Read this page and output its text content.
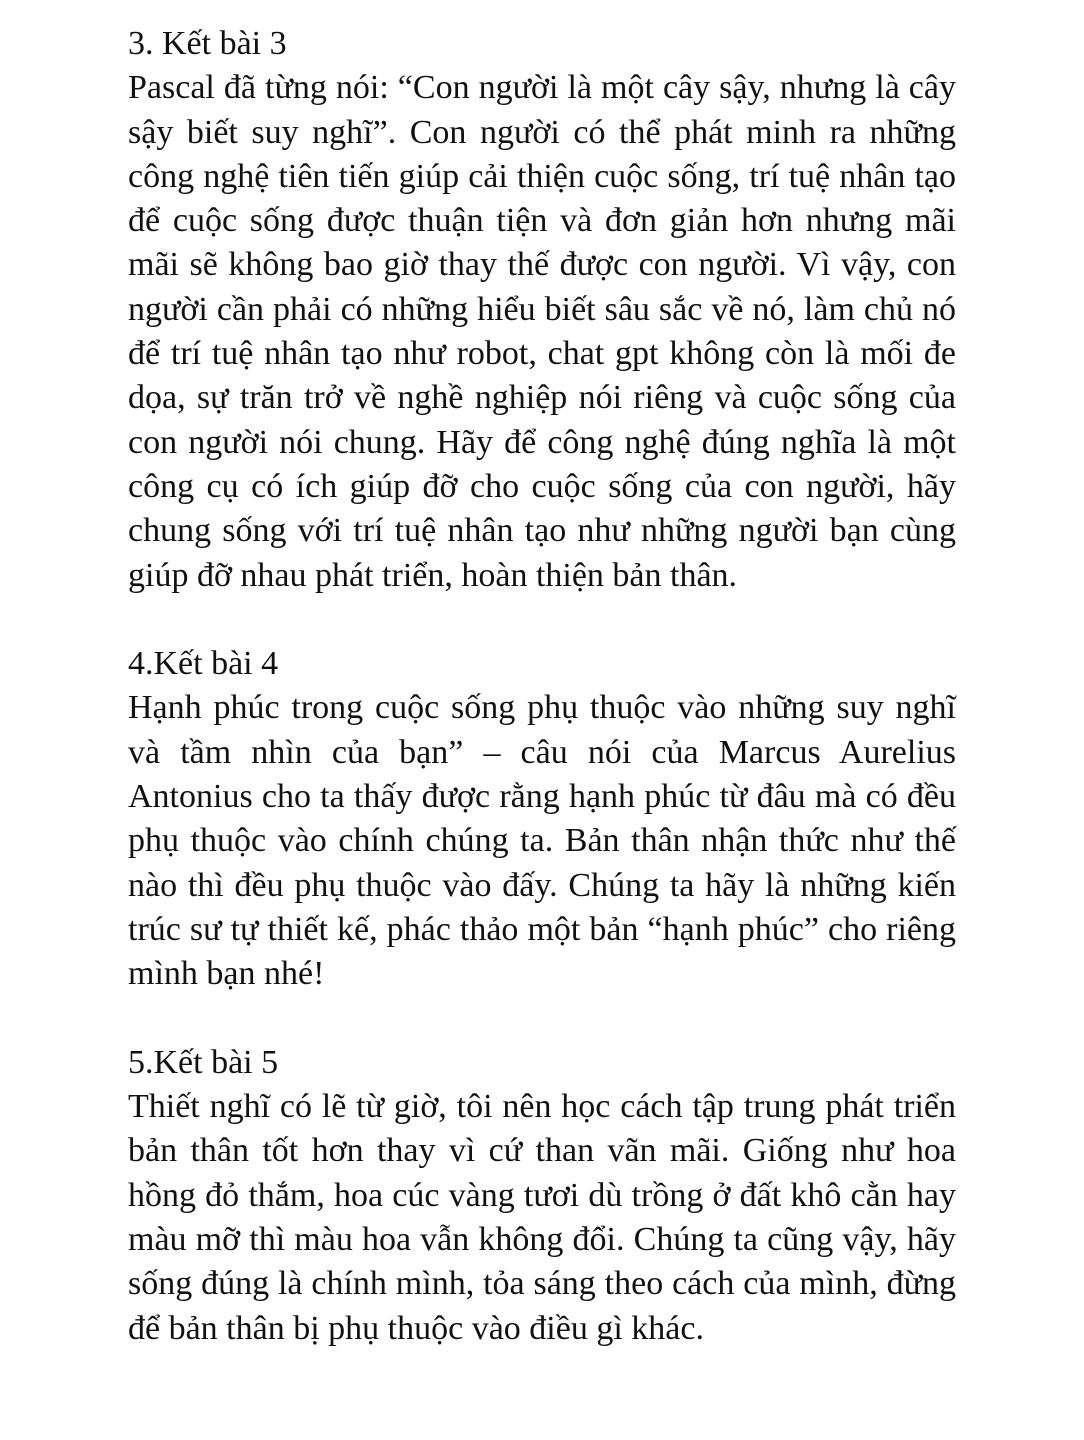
3. Kết bài 3
Pascal đã từng nói: “Con người là một cây sậy, nhưng là cây sậy biết suy nghĩ”. Con người có thể phát minh ra những công nghệ tiên tiến giúp cải thiện cuộc sống, trí tuệ nhân tạo để cuộc sống được thuận tiện và đơn giản hơn nhưng mãi mãi sẽ không bao giờ thay thế được con người. Vì vậy, con người cần phải có những hiểu biết sâu sắc về nó, làm chủ nó để trí tuệ nhân tạo như robot, chat gpt không còn là mối đe dọa, sự trăn trở về nghề nghiệp nói riêng và cuộc sống của con người nói chung. Hãy để công nghệ đúng nghĩa là một công cụ có ích giúp đỡ cho cuộc sống của con người, hãy chung sống với trí tuệ nhân tạo như những người bạn cùng giúp đỡ nhau phát triển, hoàn thiện bản thân.
4.Kết bài 4
Hạnh phúc trong cuộc sống phụ thuộc vào những suy nghĩ và tầm nhìn của bạn” – câu nói của Marcus Aurelius Antonius cho ta thấy được rằng hạnh phúc từ đâu mà có đều phụ thuộc vào chính chúng ta. Bản thân nhận thức như thế nào thì đều phụ thuộc vào đấy. Chúng ta hãy là những kiến trúc sư tự thiết kế, phác thảo một bản “hạnh phúc” cho riêng mình bạn nhé!
5.Kết bài 5
Thiết nghĩ có lẽ từ giờ, tôi nên học cách tập trung phát triển bản thân tốt hơn thay vì cứ than vãn mãi. Giống như hoa hồng đỏ thắm, hoa cúc vàng tươi dù trồng ở đất khô cằn hay màu mỡ thì màu hoa vẫn không đổi. Chúng ta cũng vậy, hãy sống đúng là chính mình, tỏa sáng theo cách của mình, đừng để bản thân bị phụ thuộc vào điều gì khác.
